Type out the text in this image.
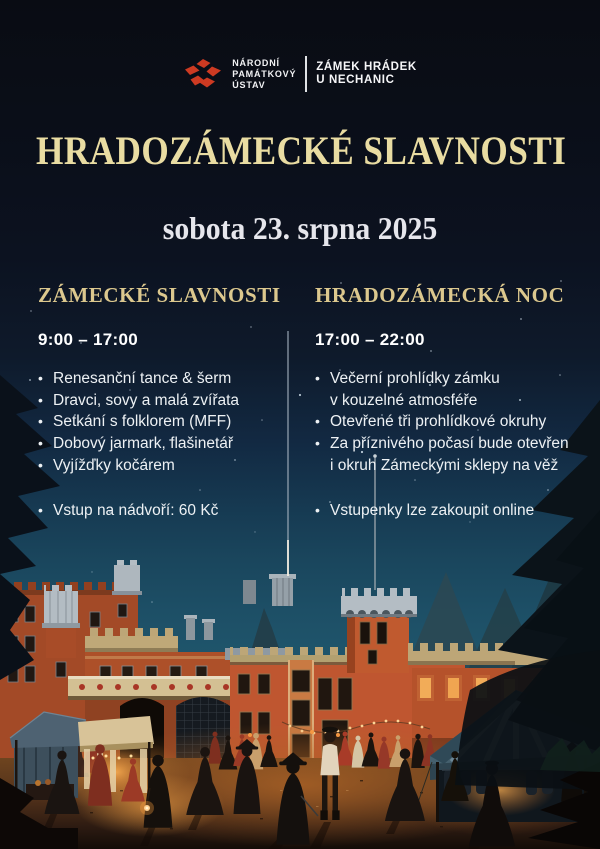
NÁRODNÍ
PAMÁTKOVÝ
ÚSTAV
ZÁMEK HRÁDEK
U NECHANIC
HRADOZÁMECKÉ SLAVNOSTI
sobota 23. srpna 2025
ZÁMECKÉ SLAVNOSTI
9:00 – 17:00
• Renesanční tance & šerm
• Dravci, sovy a malá zvířata
• Setkání s folklorem (MFF)
• Dobový jarmark, flašinetář
• Vyjížďky kočárem
• Vstup na nádvoří: 60 Kč
HRADOZÁMECKÁ NOC
17:00 – 22:00
• Večerní prohlídky zámku
v kouzelné atmosféře
• Otevřené tři prohlídkové okruhy
• Za příznivého počasí bude otevřen
i okruh Zámeckými sklepy na věž
• Vstupenky lze zakoupit online
